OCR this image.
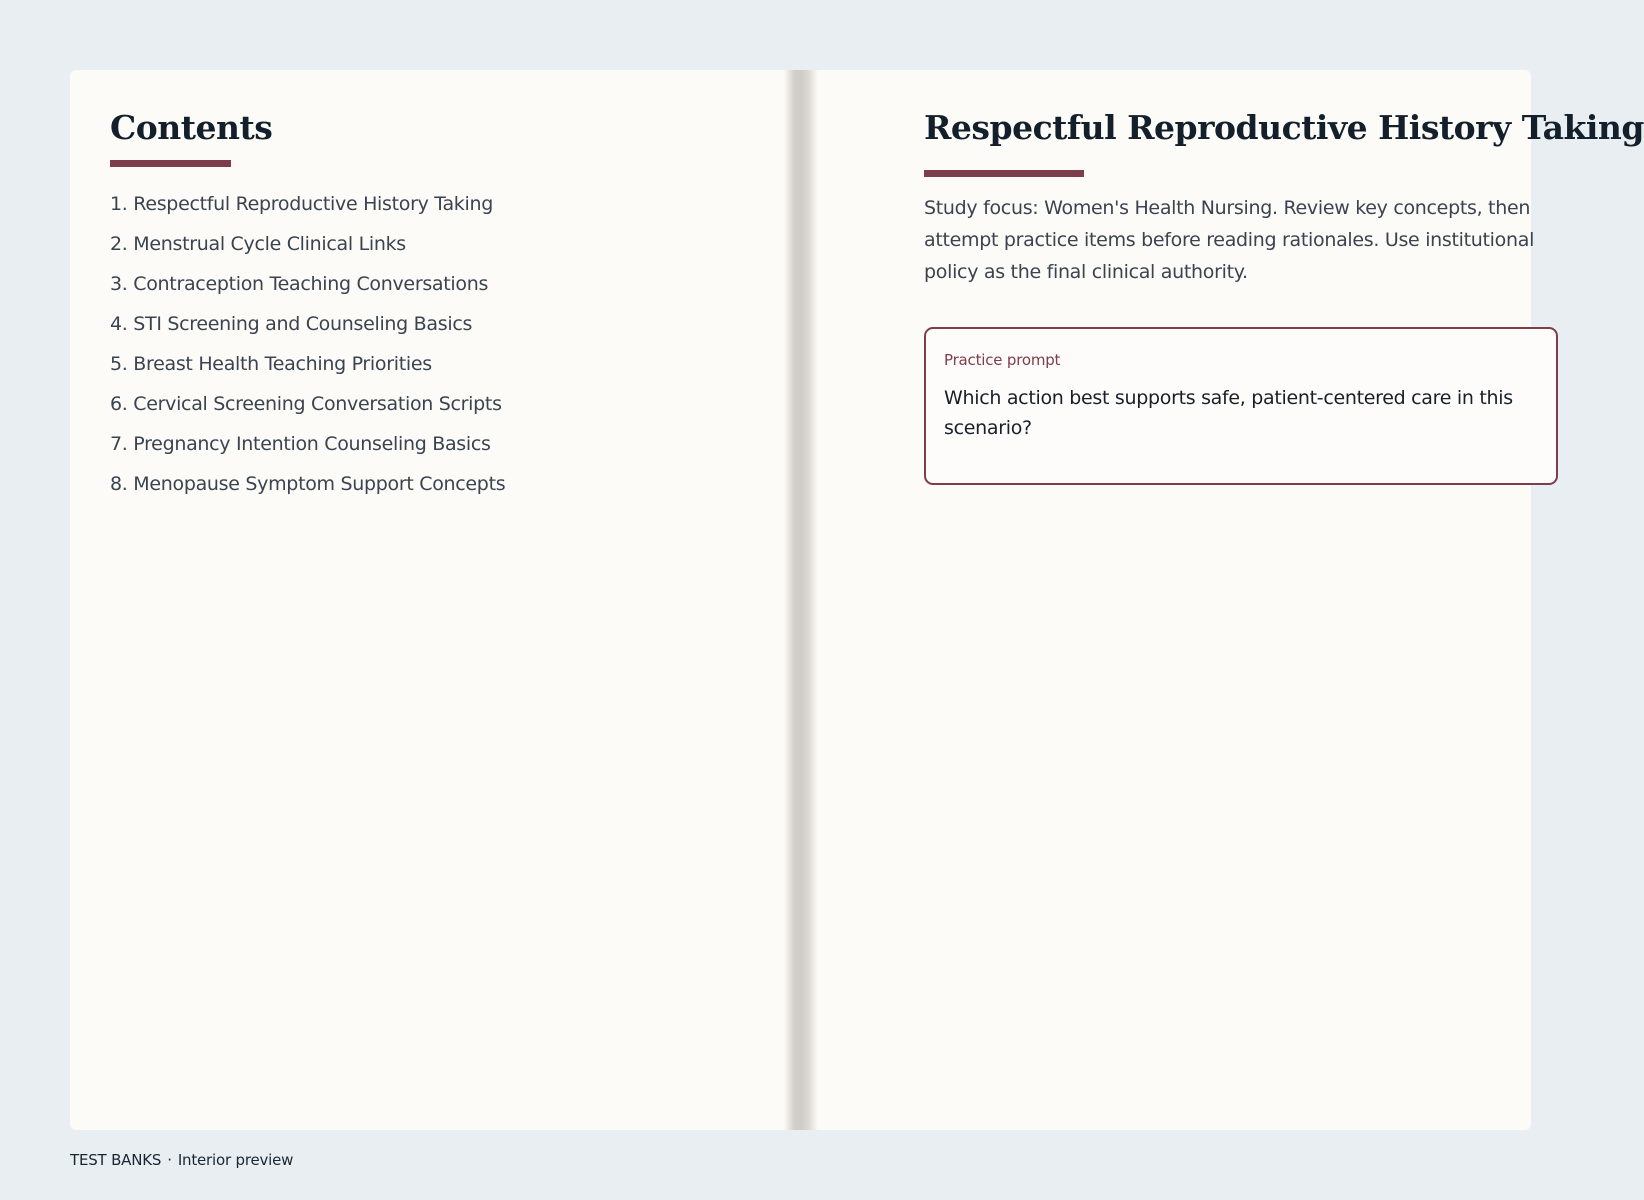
Contents
1. Respectful Reproductive History Taking
2. Menstrual Cycle Clinical Links
3. Contraception Teaching Conversations
4. STI Screening and Counseling Basics
5. Breast Health Teaching Priorities
6. Cervical Screening Conversation Scripts
7. Pregnancy Intention Counseling Basics
8. Menopause Symptom Support Concepts
Respectful Reproductive History Taking

Study focus: Women's Health Nursing. Review key concepts, then attempt practice items before reading rationales. Use institutional policy as the final clinical authority.

Practice prompt

Which action best supports safe, patient-centered care in this scenario?

TEST BANKS · Interior preview
